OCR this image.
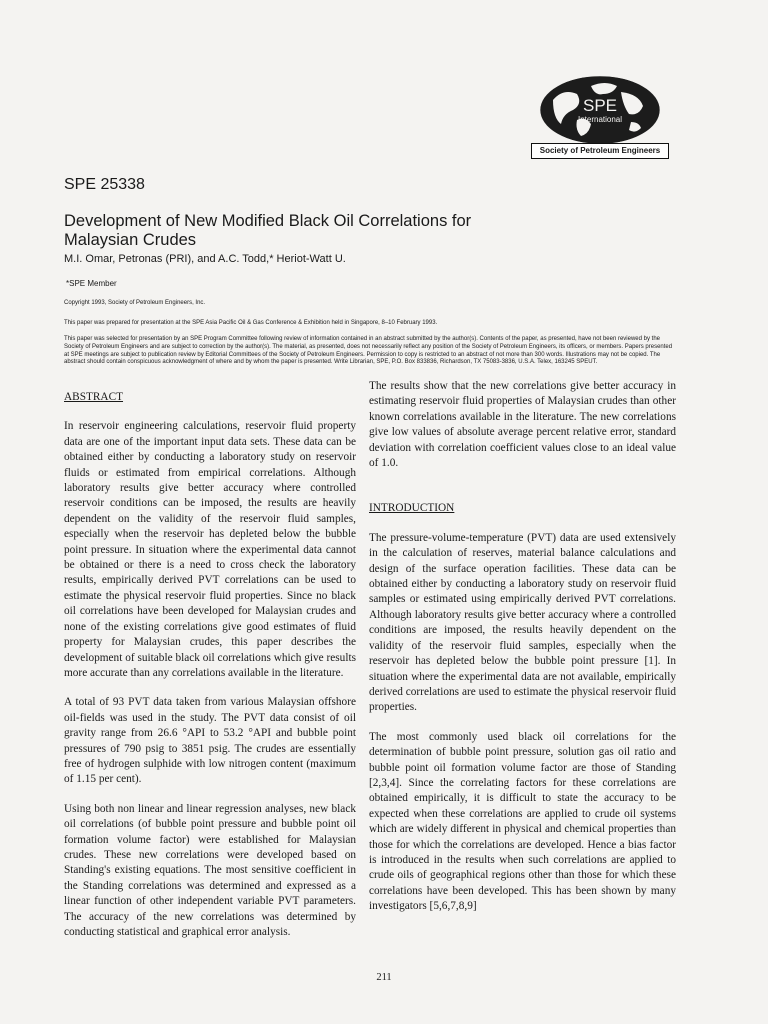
SPE
International
Society of Petroleum Engineers
SPE 25338
Development of New Modified Black Oil Correlations for Malaysian Crudes
M.I. Omar, Petronas (PRI), and A.C. Todd,* Heriot-Watt U.
*SPE Member
Copyright 1993, Society of Petroleum Engineers, Inc.
This paper was prepared for presentation at the SPE Asia Pacific Oil & Gas Conference & Exhibition held in Singapore, 8–10 February 1993.
This paper was selected for presentation by an SPE Program Committee following review of information contained in an abstract submitted by the author(s). Contents of the paper, as presented, have not been reviewed by the Society of Petroleum Engineers and are subject to correction by the author(s). The material, as presented, does not necessarily reflect any position of the Society of Petroleum Engineers, its officers, or members. Papers presented at SPE meetings are subject to publication review by Editorial Committees of the Society of Petroleum Engineers. Permission to copy is restricted to an abstract of not more than 300 words. Illustrations may not be copied. The abstract should contain conspicuous acknowledgment of where and by whom the paper is presented. Write Librarian, SPE, P.O. Box 833836, Richardson, TX 75083-3836, U.S.A. Telex, 163245 SPEUT.
ABSTRACT

In reservoir engineering calculations, reservoir fluid property data are one of the important input data sets. These data can be obtained either by conducting a laboratory study on reservoir fluids or estimated from empirical correlations. Although laboratory results give better accuracy where controlled reservoir conditions can be imposed, the results are heavily dependent on the validity of the reservoir fluid samples, especially when the reservoir has depleted below the bubble point pressure. In situation where the experimental data cannot be obtained or there is a need to cross check the laboratory results, empirically derived PVT correlations can be used to estimate the physical reservoir fluid properties. Since no black oil correlations have been developed for Malaysian crudes and none of the existing correlations give good estimates of fluid property for Malaysian crudes, this paper describes the development of suitable black oil correlations which give results more accurate than any correlations available in the literature.

A total of 93 PVT data taken from various Malaysian offshore oil-fields was used in the study. The PVT data consist of oil gravity range from 26.6 °API to 53.2 °API and bubble point pressures of 790 psig to 3851 psig. The crudes are essentially free of hydrogen sulphide with low nitrogen content (maximum of 1.15 per cent).

Using both non linear and linear regression analyses, new black oil correlations (of bubble point pressure and bubble point oil formation volume factor) were established for Malaysian crudes. These new correlations were developed based on Standing's existing equations. The most sensitive coefficient in the Standing correlations was determined and expressed as a linear function of other independent variable PVT parameters. The accuracy of the new correlations was determined by conducting statistical and graphical error analysis.

The results show that the new correlations give better accuracy in estimating reservoir fluid properties of Malaysian crudes than other known correlations available in the literature. The new correlations give low values of absolute average percent relative error, standard deviation with correlation coefficient values close to an ideal value of 1.0.

INTRODUCTION

The pressure-volume-temperature (PVT) data are used extensively in the calculation of reserves, material balance calculations and design of the surface operation facilities. These data can be obtained either by conducting a laboratory study on reservoir fluid samples or estimated using empirically derived PVT correlations. Although laboratory results give better accuracy where a controlled conditions are imposed, the results heavily dependent on the validity of the reservoir fluid samples, especially when the reservoir has depleted below the bubble point pressure [1]. In situation where the experimental data are not available, empirically derived correlations are used to estimate the physical reservoir fluid properties.

The most commonly used black oil correlations for the determination of bubble point pressure, solution gas oil ratio and bubble point oil formation volume factor are those of Standing [2,3,4]. Since the correlating factors for these correlations are obtained empirically, it is difficult to state the accuracy to be expected when these correlations are applied to crude oil systems which are widely different in physical and chemical properties than those for which the correlations are developed. Hence a bias factor is introduced in the results when such correlations are applied to crude oils of geographical regions other than those for which these correlations have been developed. This has been shown by many investigators [5,6,7,8,9]

211
